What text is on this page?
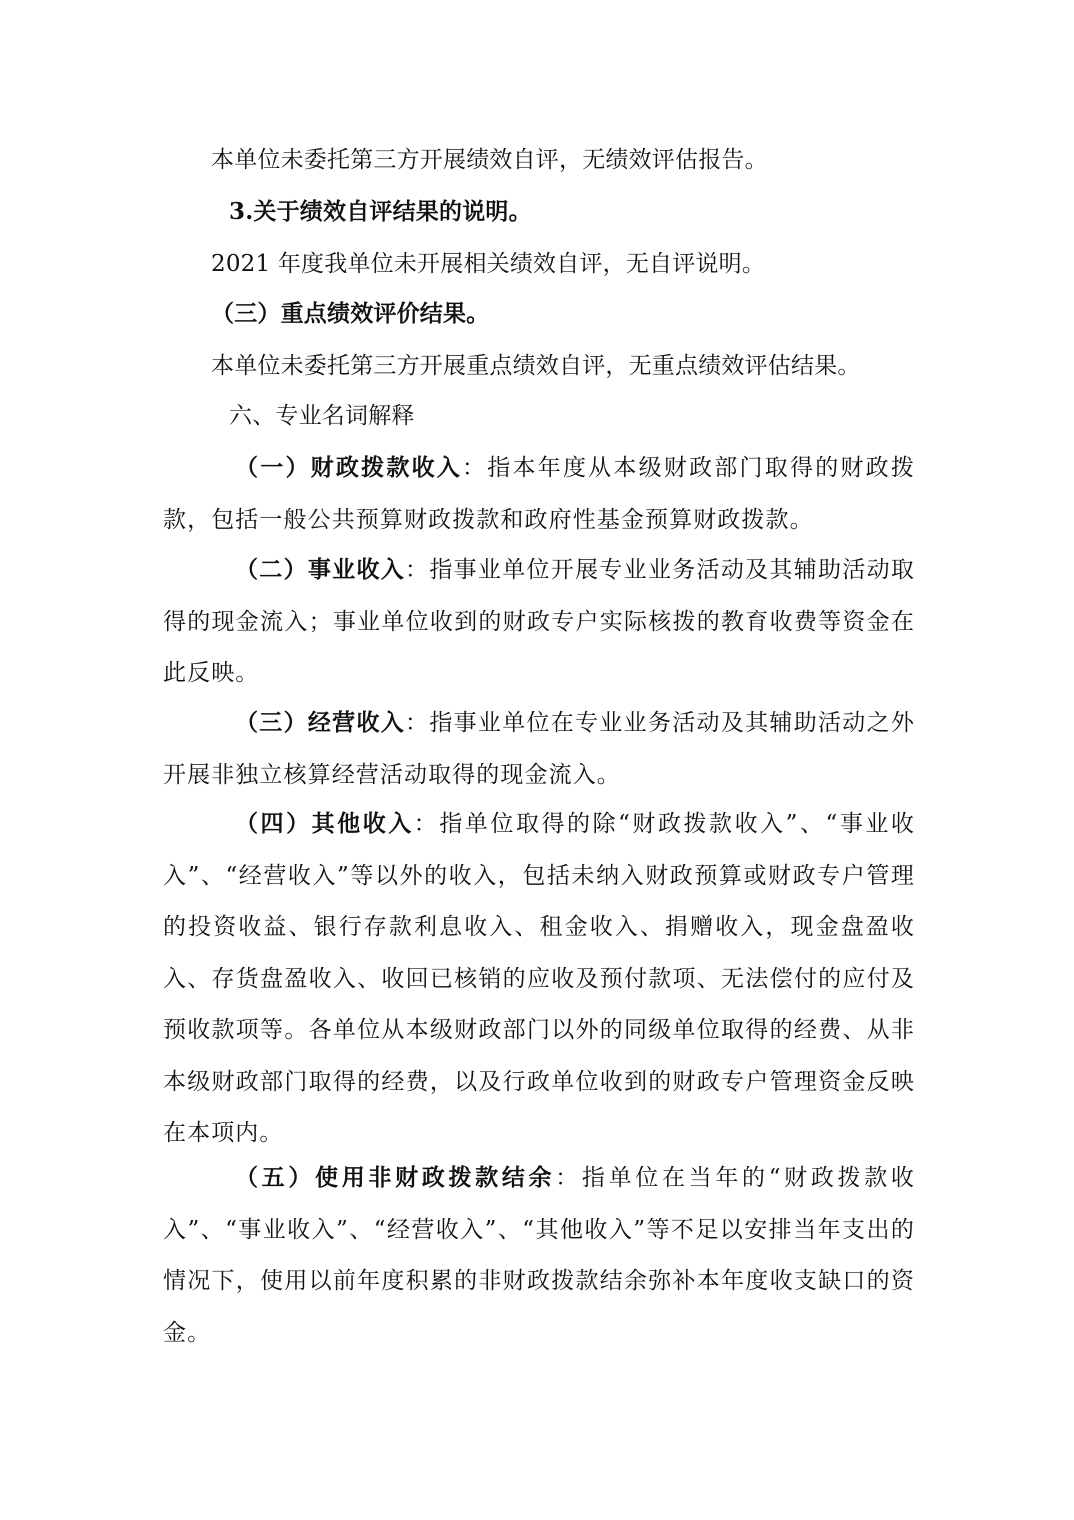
本单位未委托第三方开展绩效自评，无绩效评估报告。
3.关于绩效自评结果的说明。
2021 年度我单位未开展相关绩效自评，无自评说明。
（三）重点绩效评价结果。
本单位未委托第三方开展重点绩效自评，无重点绩效评估结果。
六、专业名词解释
（一）财政拨款收入：指本年度从本级财政部门取得的财政拨款，包括一般公共预算财政拨款和政府性基金预算财政拨款。
（二）事业收入：指事业单位开展专业业务活动及其辅助活动取得的现金流入；事业单位收到的财政专户实际核拨的教育收费等资金在此反映。
（三）经营收入：指事业单位在专业业务活动及其辅助活动之外开展非独立核算经营活动取得的现金流入。
（四）其他收入：指单位取得的除“财政拨款收入”、“事业收入”、“经营收入”等以外的收入，包括未纳入财政预算或财政专户管理的投资收益、银行存款利息收入、租金收入、捐赠收入，现金盘盈收入、存货盘盈收入、收回已核销的应收及预付款项、无法偿付的应付及预收款项等。各单位从本级财政部门以外的同级单位取得的经费、从非本级财政部门取得的经费，以及行政单位收到的财政专户管理资金反映在本项内。
（五）使用非财政拨款结余：指单位在当年的“财政拨款收入”、“事业收入”、“经营收入”、“其他收入”等不足以安排当年支出的情况下，使用以前年度积累的非财政拨款结余弥补本年度收支缺口的资金。
